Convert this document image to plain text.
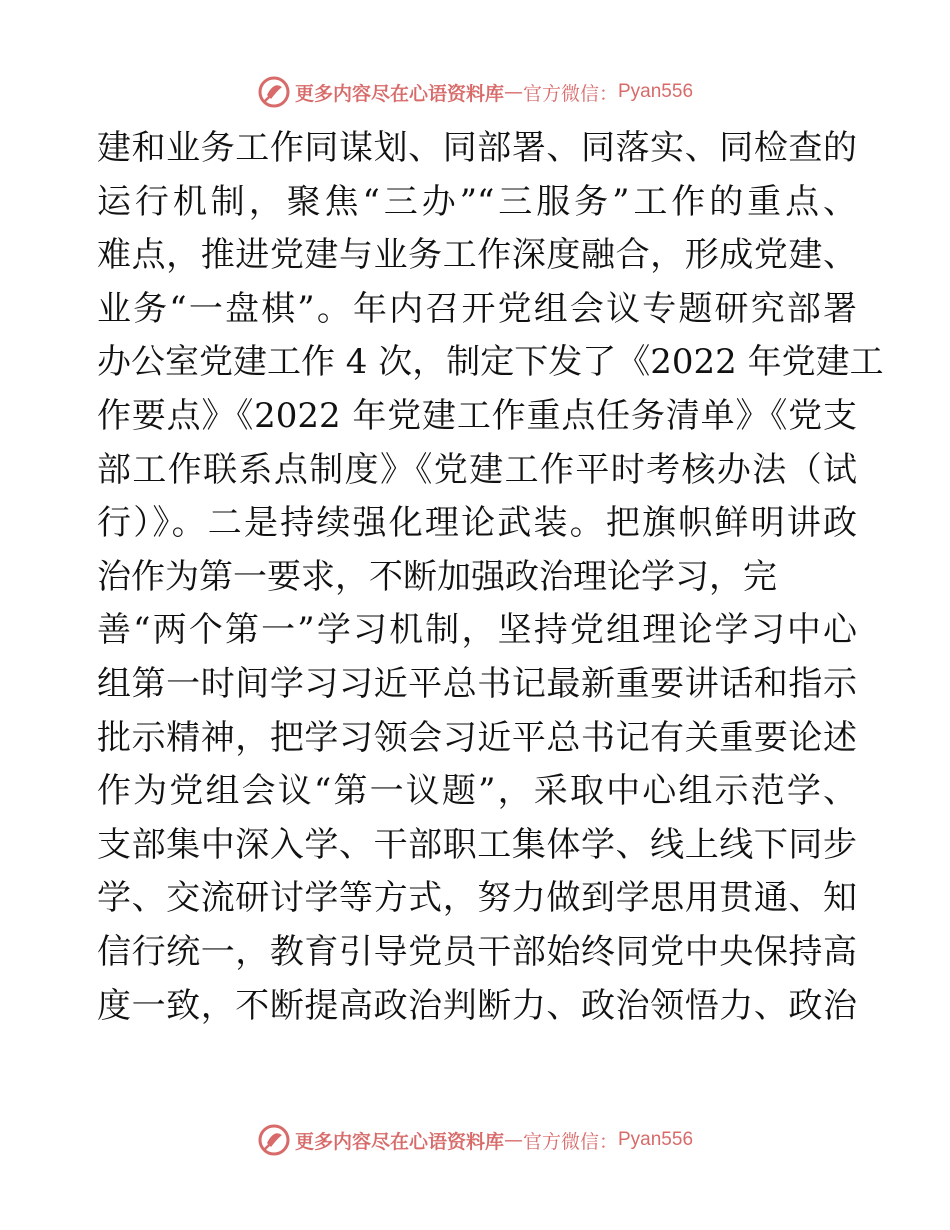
更多内容尽在心语资料库 — 官方微信： Pyan556
建和业务工作同谋划、同部署、同落实、同检查的
运行机制，聚焦“三办”“三服务”工作的重点、
难点，推进党建与业务工作深度融合，形成党建、
业务“一盘棋”。年内召开党组会议专题研究部署
办公室党建工作 4 次，制定下发了《2022 年党建工
作要点》《2022 年党建工作重点任务清单》《党支
部工作联系点制度》《党建工作平时考核办法（试
行）》。二是持续强化理论武装。把旗帜鲜明讲政
治作为第一要求，不断加强政治理论学习，完
善“两个第一”学习机制，坚持党组理论学习中心
组第一时间学习习近平总书记最新重要讲话和指示
批示精神，把学习领会习近平总书记有关重要论述
作为党组会议“第一议题”，采取中心组示范学、
支部集中深入学、干部职工集体学、线上线下同步
学、交流研讨学等方式，努力做到学思用贯通、知
信行统一，教育引导党员干部始终同党中央保持高
度一致，不断提高政治判断力、政治领悟力、政治
更多内容尽在心语资料库 — 官方微信： Pyan556
